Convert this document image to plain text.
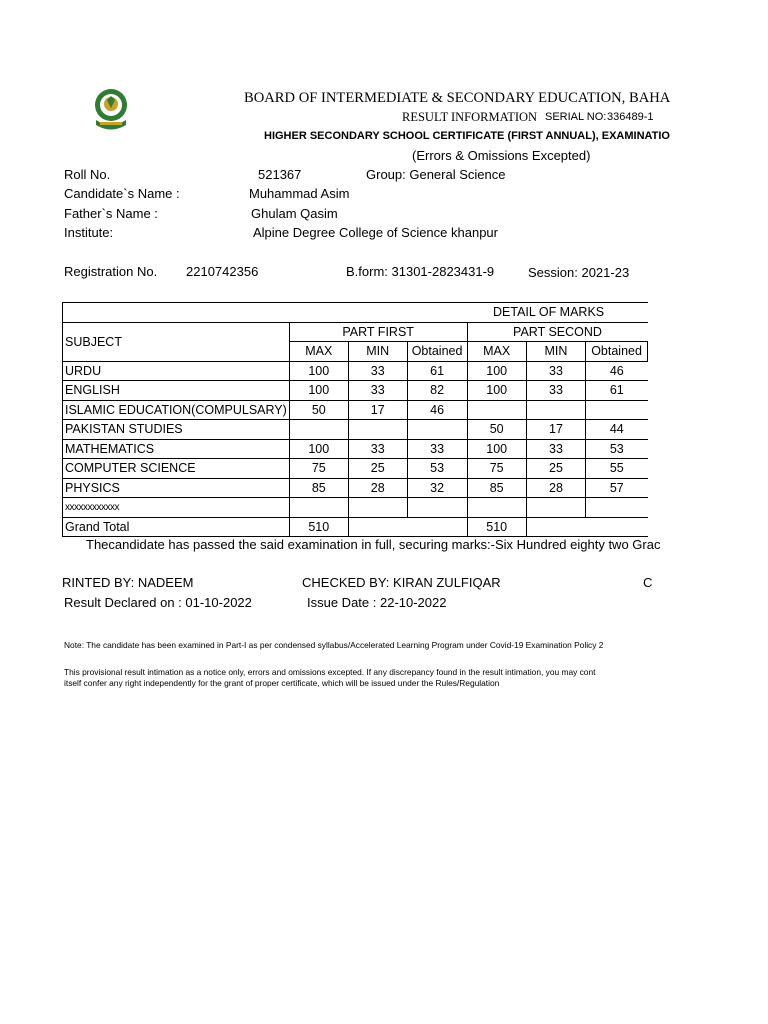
BOARD OF INTERMEDIATE & SECONDARY EDUCATION, BAHA
RESULT INFORMATION SERIAL NO: 336489-1
HIGHER SECONDARY SCHOOL CERTIFICATE (FIRST ANNUAL), EXAMINATIO
(Errors & Omissions Excepted)
Roll No.	521367	Group: General Science
Candidate`s Name :	Muhammad Asim
Father`s Name :	Ghulam Qasim
Institute:	Alpine Degree College of Science khanpur
Registration No. 2210742356	B.form: 31301-2823431-9	Session: 2021-23
				DETAIL OF MARKS		
SUBJECT	PART FIRST			PART SECOND		
	MAX	MIN	Obtained	MAX	MIN	Obtained
URDU	100	33	61	100	33	46
ENGLISH	100	33	82	100	33	61
ISLAMIC EDUCATION(COMPULSARY)	50	17	46			
PAKISTAN STUDIES				50	17	44
MATHEMATICS	100	33	33	100	33	53
COMPUTER SCIENCE	75	25	53	75	25	55
PHYSICS	85	28	32	85	28	57
xxxxxxxxxxxx						
Grand Total	510			510		
Thecandidate has passed the said examination in full, securing marks:-Six Hundred eighty two Grac
RINTED BY: NADEEM	CHECKED BY: KIRAN ZULFIQAR	C
Result Declared on : 01-10-2022	Issue Date : 22-10-2022
Note: The candidate has been examined in Part-I as per condensed syllabus/Accelerated Learning Program under Covid-19 Examination Policy 2
This provisional result intimation as a notice only, errors and omissions excepted. If any discrepancy found in the result intimation, you may cont
itself confer any right independently for the grant of proper certificate, which will be issued under the Rules/Regulation
